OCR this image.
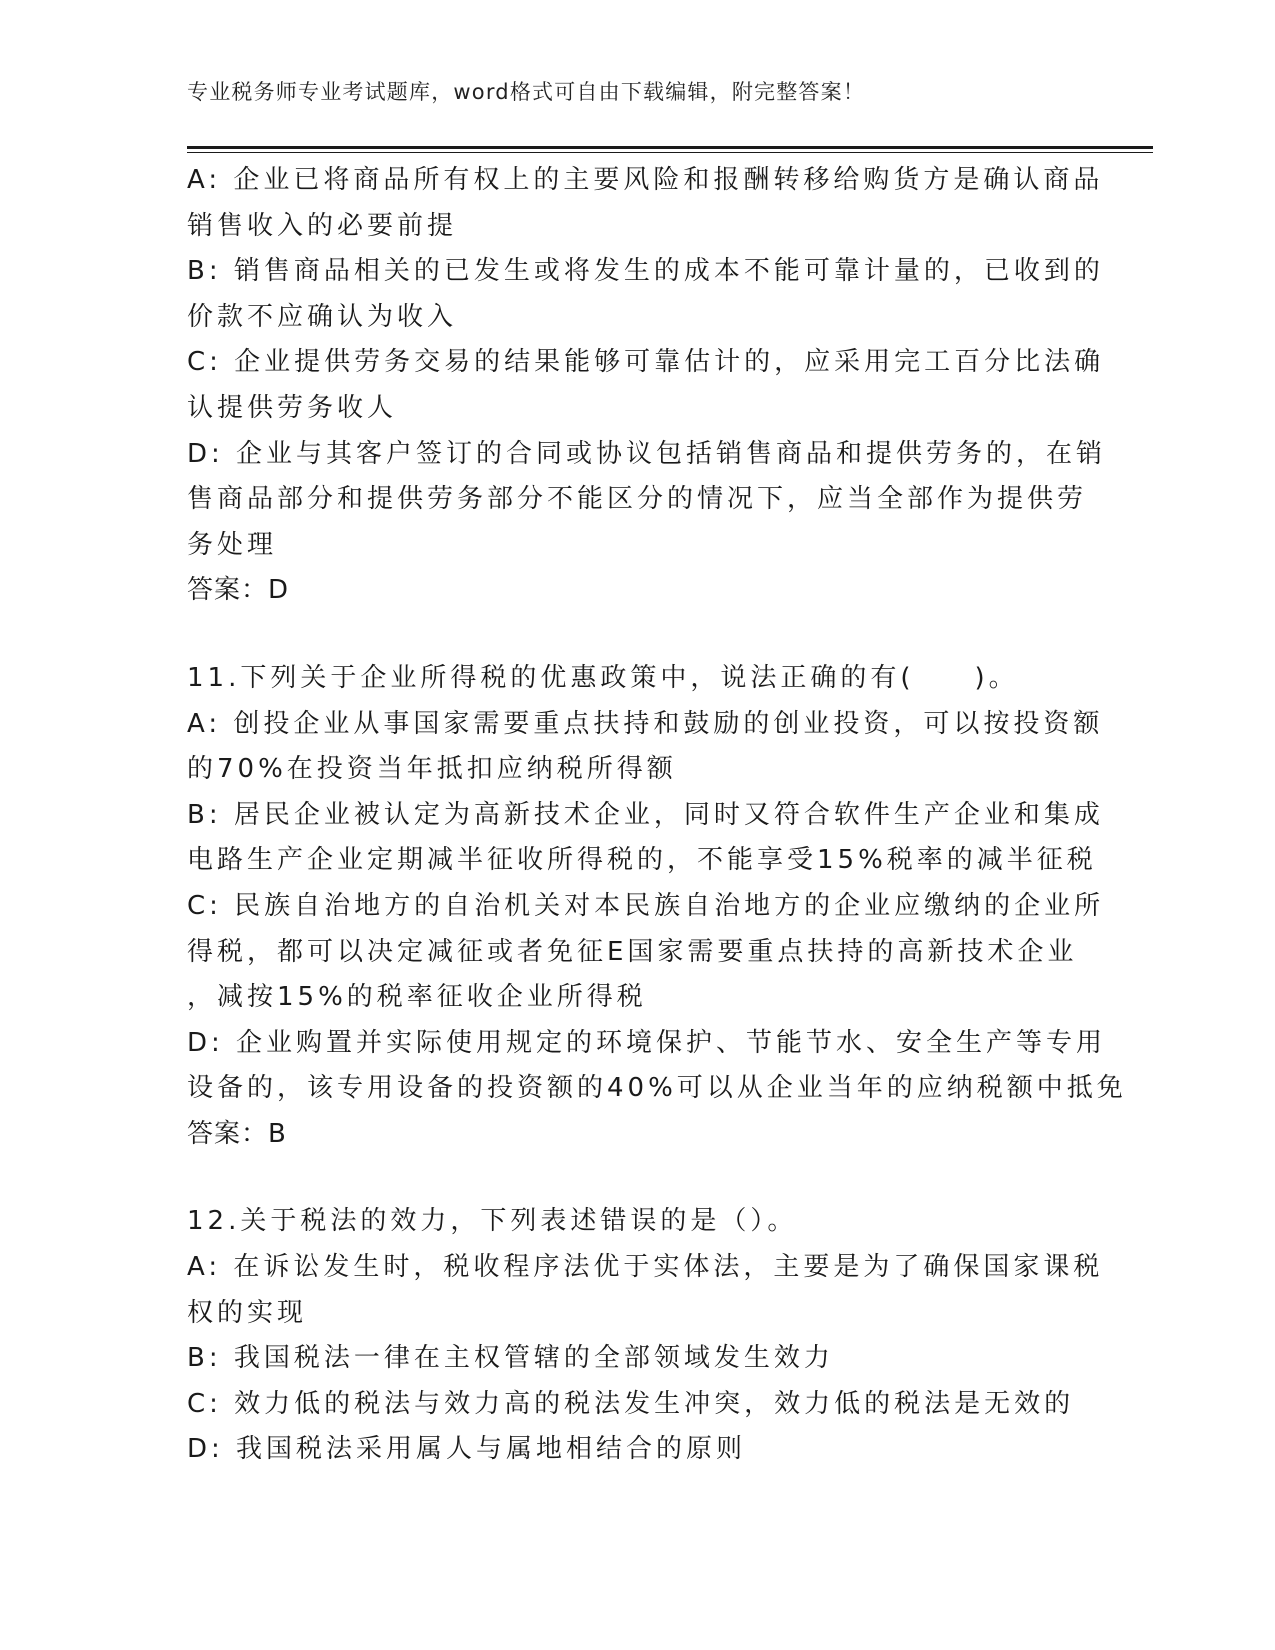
专业税务师专业考试题库，word格式可自由下载编辑，附完整答案！
A: 企业已将商品所有权上的主要风险和报酬转移给购货方是确认商品
销售收入的必要前提
B: 销售商品相关的已发生或将发生的成本不能可靠计量的，已收到的
价款不应确认为收入
C: 企业提供劳务交易的结果能够可靠估计的，应采用完工百分比法确
认提供劳务收人
D: 企业与其客户签订的合同或协议包括销售商品和提供劳务的，在销
售商品部分和提供劳务部分不能区分的情况下，应当全部作为提供劳
务处理
答案：D
11.下列关于企业所得税的优惠政策中，说法正确的有(　　)。
A: 创投企业从事国家需要重点扶持和鼓励的创业投资，可以按投资额
的70%在投资当年抵扣应纳税所得额
B: 居民企业被认定为高新技术企业，同时又符合软件生产企业和集成
电路生产企业定期减半征收所得税的，不能享受15%税率的减半征税
C: 民族自治地方的自治机关对本民族自治地方的企业应缴纳的企业所
得税，都可以决定减征或者免征E国家需要重点扶持的高新技术企业
，减按15%的税率征收企业所得税
D: 企业购置并实际使用规定的环境保护、节能节水、安全生产等专用
设备的，该专用设备的投资额的40%可以从企业当年的应纳税额中抵免
答案：B
12.关于税法的效力，下列表述错误的是（）。
A: 在诉讼发生时，税收程序法优于实体法，主要是为了确保国家课税
权的实现
B: 我国税法一律在主权管辖的全部领域发生效力
C: 效力低的税法与效力高的税法发生冲突，效力低的税法是无效的
D: 我国税法采用属人与属地相结合的原则
